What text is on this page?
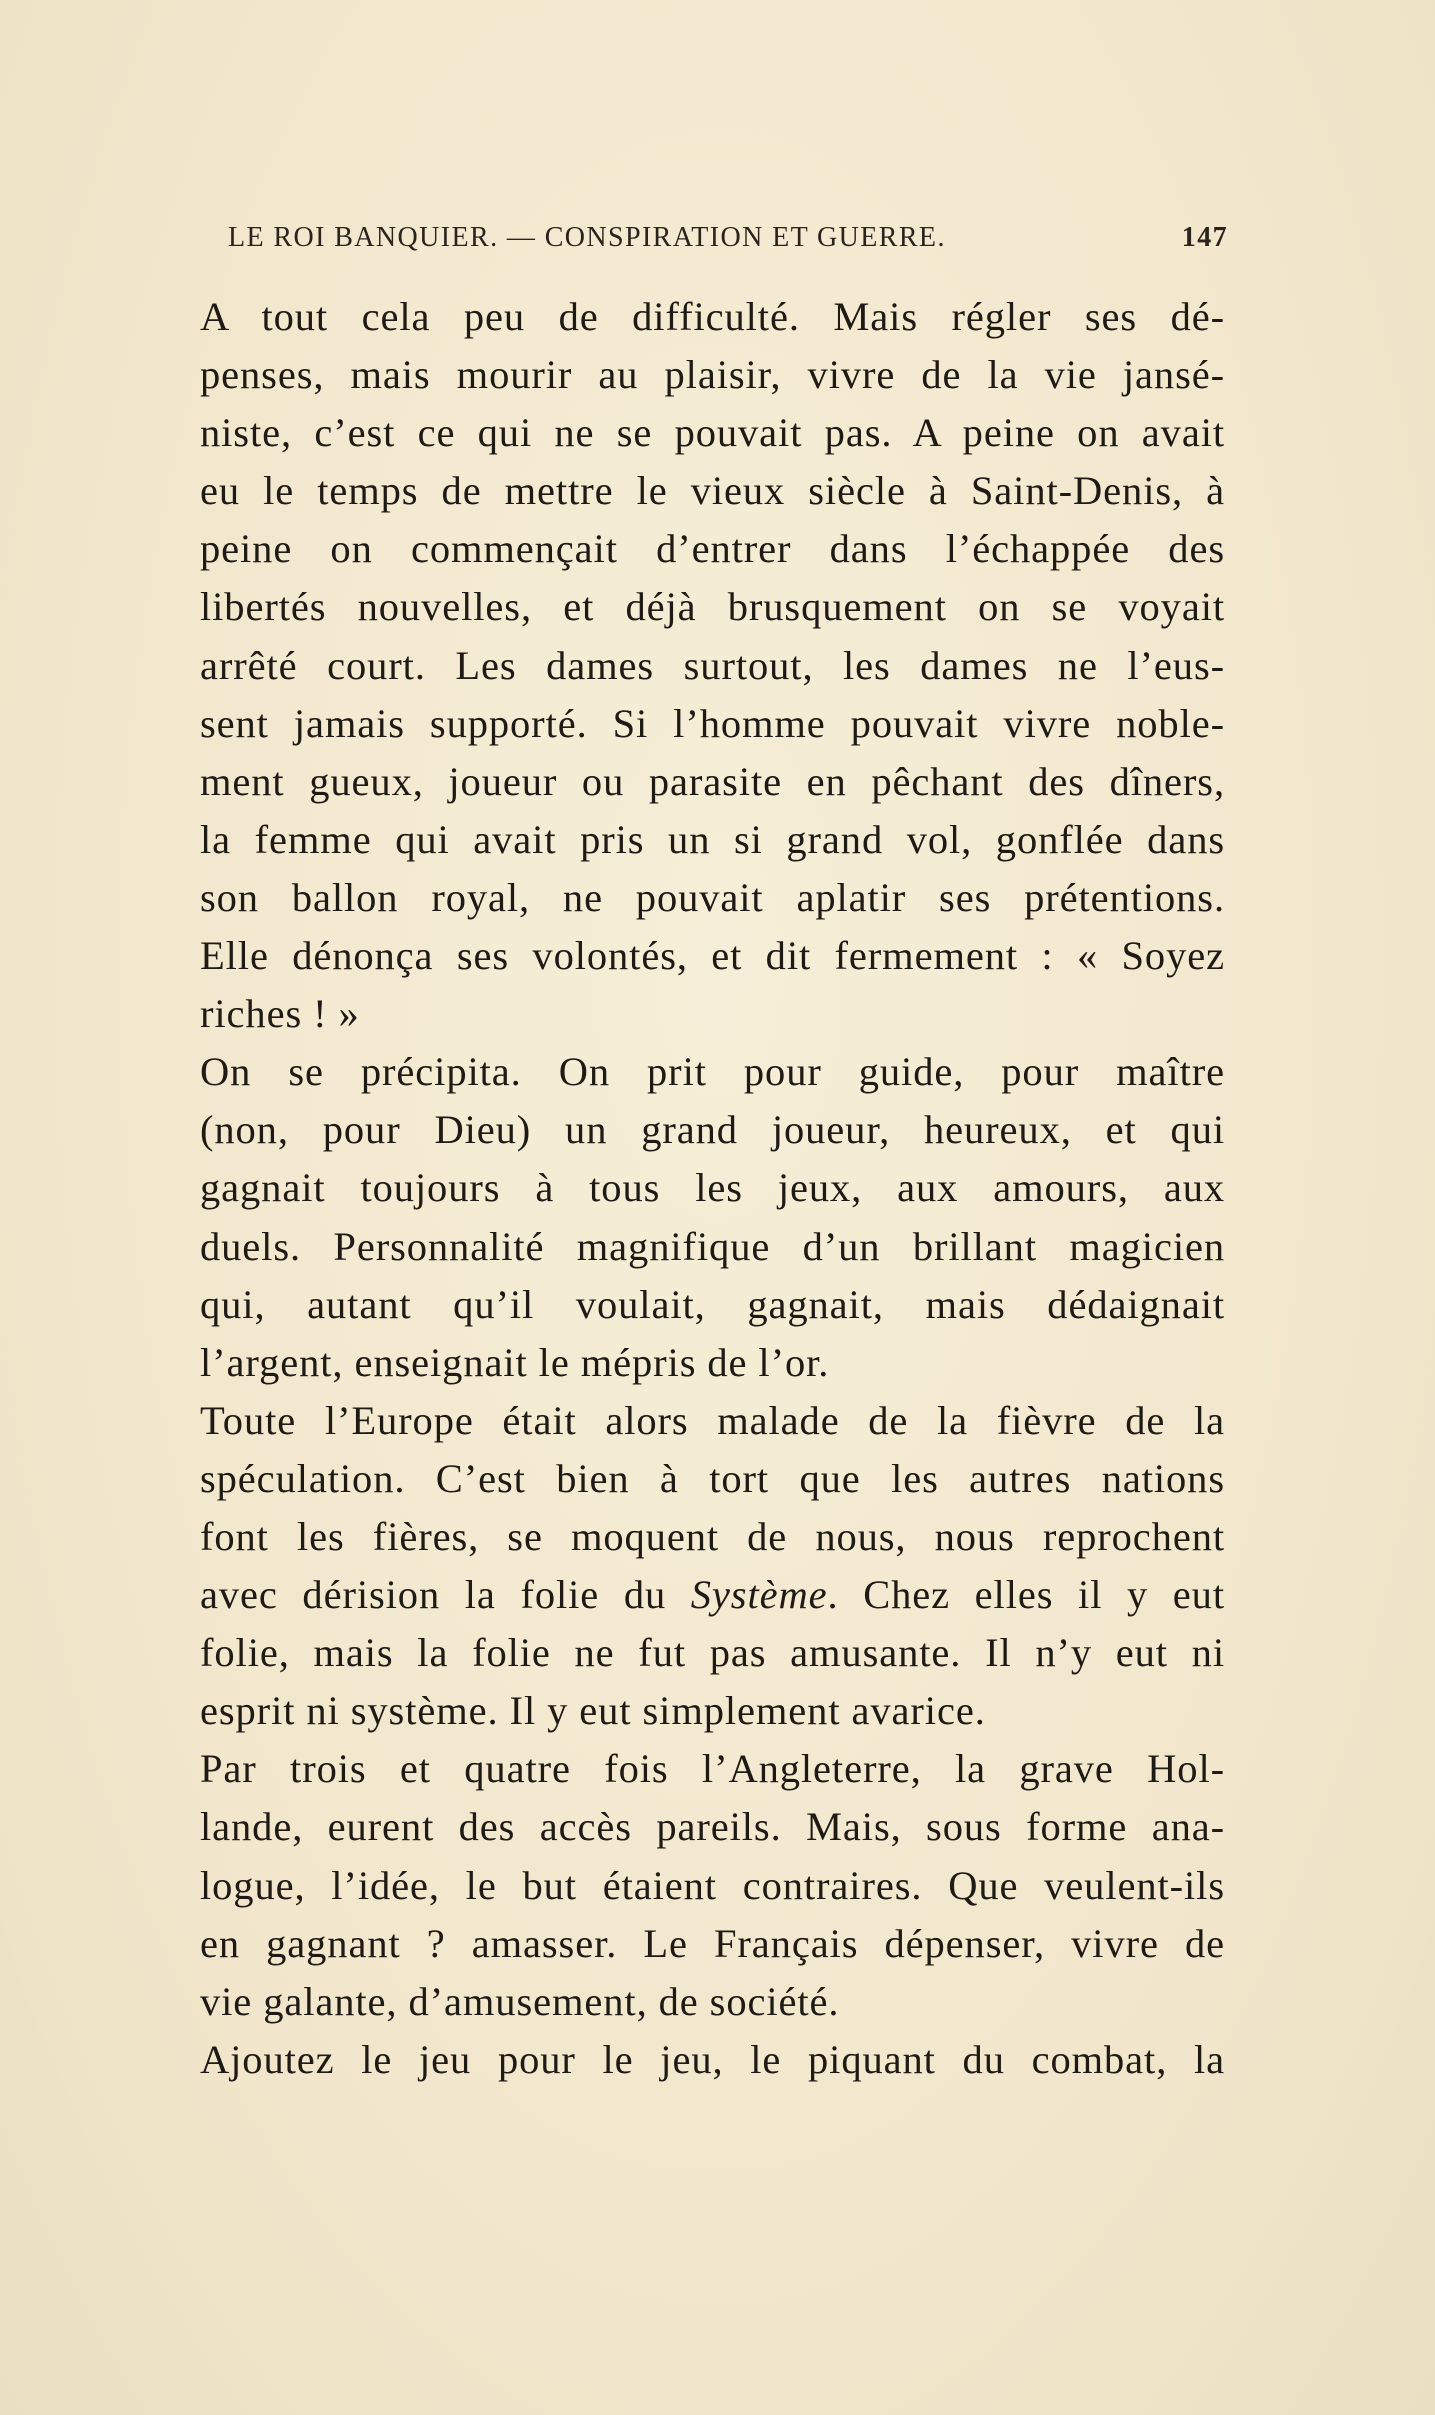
LE ROI BANQUIER. — CONSPIRATION ET GUERRE.	147
A tout cela peu de difficulté. Mais régler ses dé-
penses, mais mourir au plaisir, vivre de la vie jansé-
niste, c’est ce qui ne se pouvait pas. A peine on avait
eu le temps de mettre le vieux siècle à Saint-Denis, à
peine on commençait d’entrer dans l’échappée des
libertés nouvelles, et déjà brusquement on se voyait
arrêté court. Les dames surtout, les dames ne l’eus-
sent jamais supporté. Si l’homme pouvait vivre noble-
ment gueux, joueur ou parasite en pêchant des dîners,
la femme qui avait pris un si grand vol, gonflée dans
son ballon royal, ne pouvait aplatir ses prétentions.
Elle dénonça ses volontés, et dit fermement : « Soyez
riches ! »
On se précipita. On prit pour guide, pour maître
(non, pour Dieu) un grand joueur, heureux, et qui
gagnait toujours à tous les jeux, aux amours, aux
duels. Personnalité magnifique d’un brillant magicien
qui, autant qu’il voulait, gagnait, mais dédaignait
l’argent, enseignait le mépris de l’or.
Toute l’Europe était alors malade de la fièvre de la
spéculation. C’est bien à tort que les autres nations
font les fières, se moquent de nous, nous reprochent
avec dérision la folie du Système. Chez elles il y eut
folie, mais la folie ne fut pas amusante. Il n’y eut ni
esprit ni système. Il y eut simplement avarice.
Par trois et quatre fois l’Angleterre, la grave Hol-
lande, eurent des accès pareils. Mais, sous forme ana-
logue, l’idée, le but étaient contraires. Que veulent-ils
en gagnant ? amasser. Le Français dépenser, vivre de
vie galante, d’amusement, de société.
Ajoutez le jeu pour le jeu, le piquant du combat, la
